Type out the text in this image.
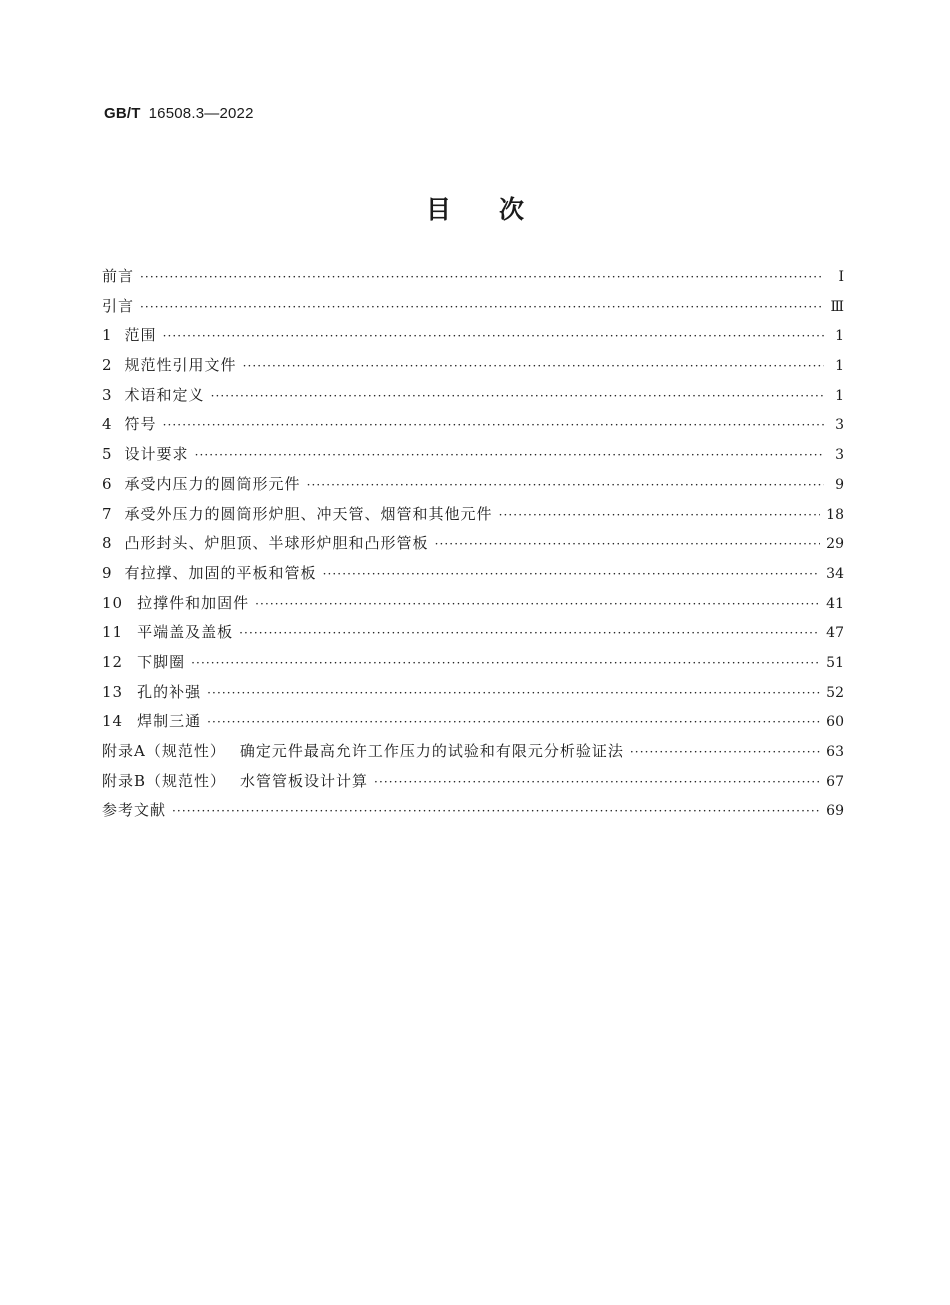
GB/T 16508.3—2022
目次
前言 ·····	Ⅰ
引言 ·····	Ⅲ
1 范围 ·····	1
2 规范性引用文件 ·····	1
3 术语和定义 ·····	1
4 符号 ·····	3
5 设计要求 ·····	3
6 承受内压力的圆筒形元件 ·····	9
7 承受外压力的圆筒形炉胆、冲天管、烟管和其他元件 ·····	18
8 凸形封头、炉胆顶、半球形炉胆和凸形管板 ·····	29
9 有拉撑、加固的平板和管板 ·····	34
10 拉撑件和加固件 ·····	41
11 平端盖及盖板 ·····	47
12 下脚圈 ·····	51
13 孔的补强 ·····	52
14 焊制三通 ·····	60
附录A（规范性） 确定元件最高允许工作压力的试验和有限元分析验证法 ·····	63
附录B（规范性） 水管管板设计计算 ·····	67
参考文献 ·····	69
